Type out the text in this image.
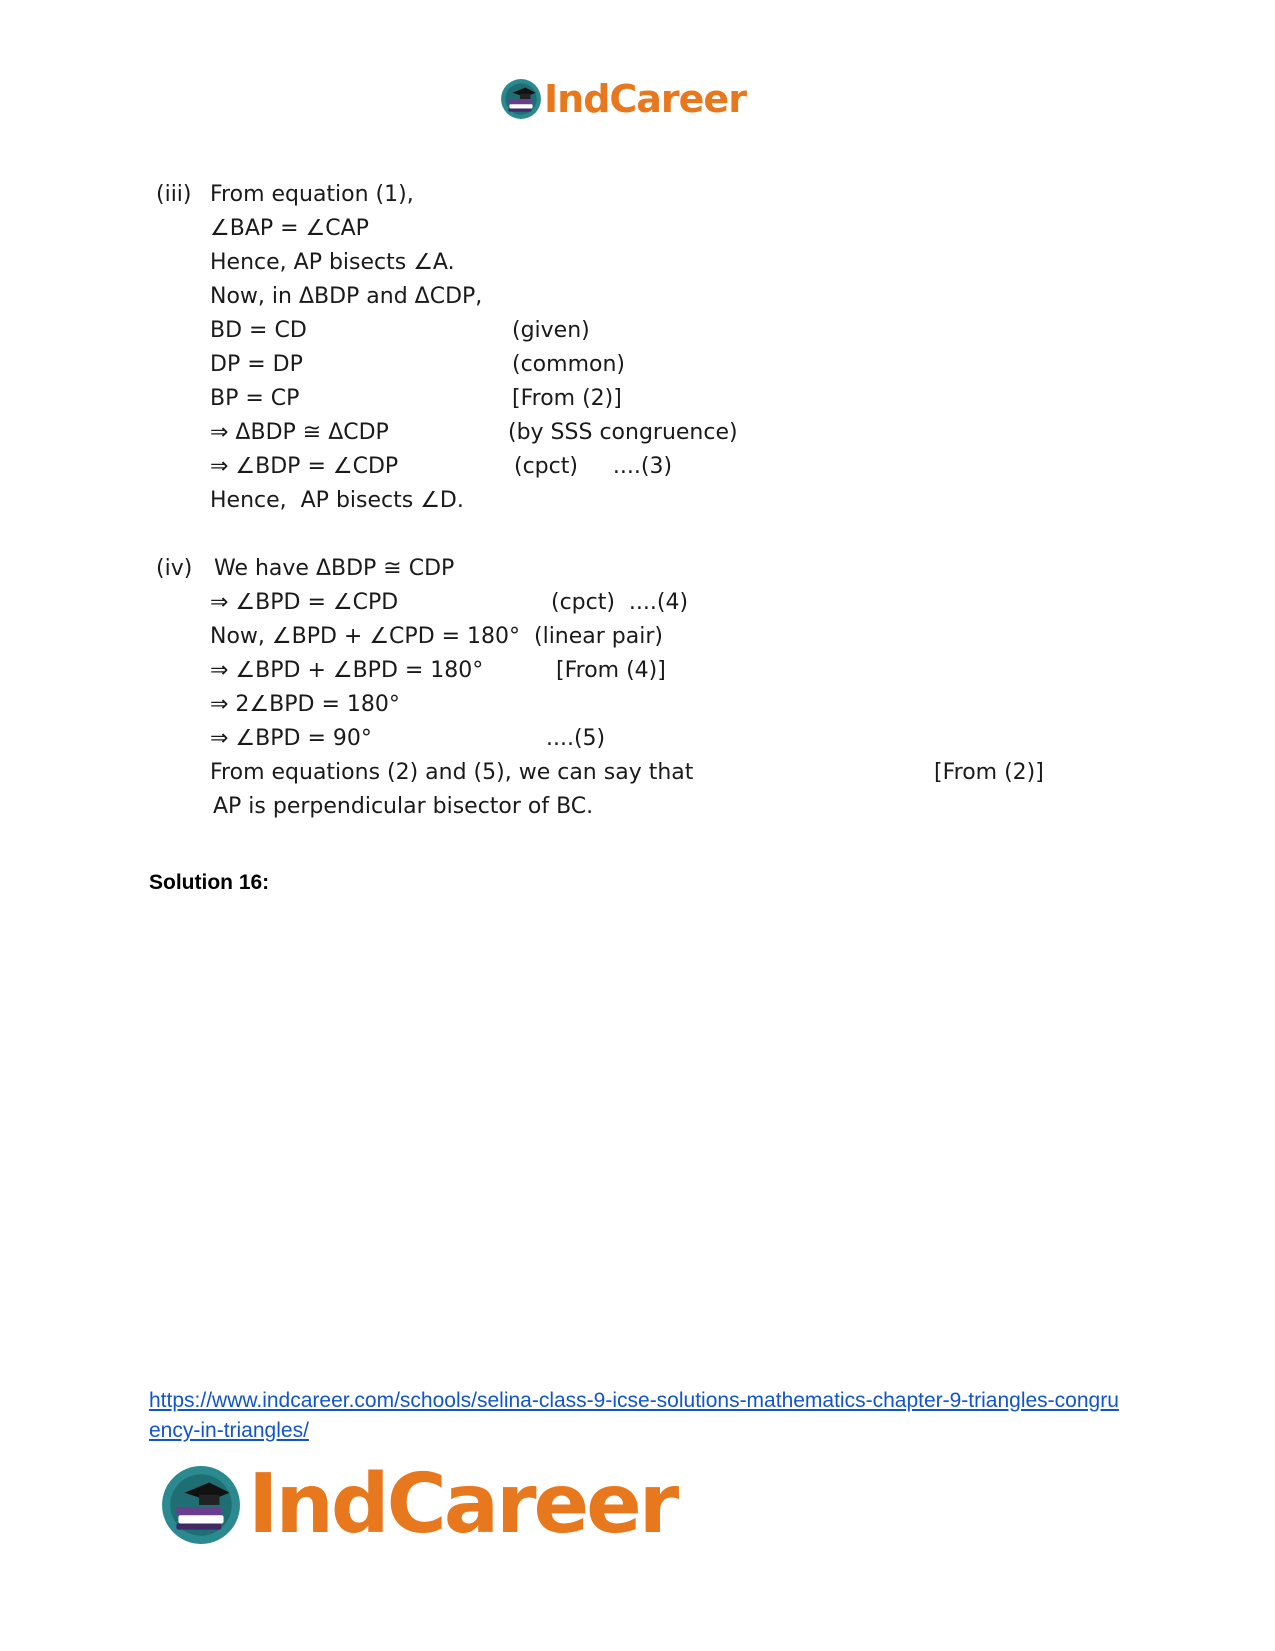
IndCareer
(iii) From equation (1),
∠BAP = ∠CAP
Hence, AP bisects ∠A.
Now, in ΔBDP and ΔCDP,
BD = CD	(given)
DP = DP	(common)
BP = CP	[From (2)]
⇒ ΔBDP ≅ ΔCDP	(by SSS congruence)
⇒ ∠BDP = ∠CDP	(cpct)     ....(3)
Hence,  AP bisects ∠D.
(iv) We have ΔBDP ≅ CDP
⇒ ∠BPD = ∠CPD	(cpct)  ....(4)
Now, ∠BPD + ∠CPD = 180° (linear pair)
⇒ ∠BPD + ∠BPD = 180°	[From (4)]
⇒ 2∠BPD = 180°
⇒ ∠BPD = 90°	....(5)
From equations (2) and (5), we can say that	[From (2)]
AP is perpendicular bisector of BC.
Solution 16:
https://www.indcareer.com/schools/selina-class-9-icse-solutions-mathematics-chapter-9-triangles-congruency-in-triangles/
IndCareer
